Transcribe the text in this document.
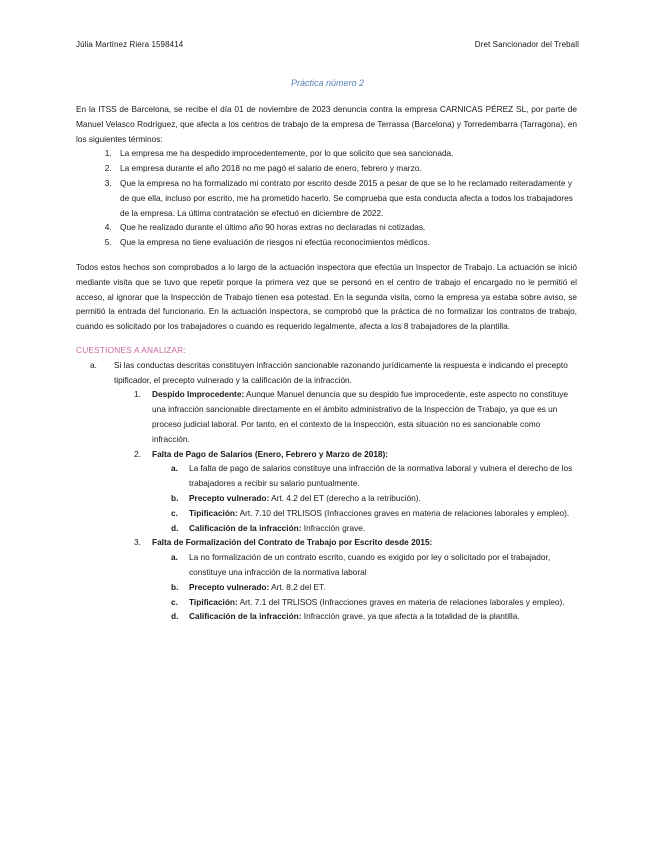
Júlia Martínez Riera 1598414	Dret Sancionador del Treball
Práctica número 2

En la ITSS de Barcelona, se recibe el día 01 de noviembre de 2023 denuncia contra la empresa CARNICAS PÉREZ SL, por parte de Manuel Velasco Rodríguez, que afecta a los centros de trabajo de la empresa de Terrassa (Barcelona) y Torredembarra (Tarragona), en los siguientes términos:

1. La empresa me ha despedido improcedentemente, por lo que solicito que sea sancionada.
2. La empresa durante el año 2018 no me pagó el salario de enero, febrero y marzo.
3. Que la empresa no ha formalizado mi contrato por escrito desde 2015 a pesar de que se lo he reclamado reiteradamente y de que ella, incluso por escrito, me ha prometido hacerlo. Se comprueba que esta conducta afecta a todos los trabajadores de la empresa. La última contratación se efectuó en diciembre de 2022.
4. Que he realizado durante el último año 90 horas extras no declaradas ni cotizadas.
5. Que la empresa no tiene evaluación de riesgos ni efectúa reconocimientos médicos.

Todos estos hechos son comprobados a lo largo de la actuación inspectora que efectúa un Inspector de Trabajo. La actuación se inició mediante visita que se tuvo que repetir porque la primera vez que se personó en el centro de trabajo el encargado no le permitió el acceso, al ignorar que la Inspección de Trabajo tienen esa potestad. En la segunda visita, como la empresa ya estaba sobre aviso, se permitió la entrada del funcionario. En la actuación inspectora, se comprobó que la práctica de no formalizar los contratos de trabajo, cuando es solicitado por los trabajadores o cuando es requerido legalmente, afecta a los 8 trabajadores de la plantilla.

CUESTIONES A ANALIZAR:
a.	Si las conductas descritas constituyen infracción sancionable razonando jurídicamente la respuesta e indicando el precepto tipificador, el precepto vulnerado y la calificación de la infracción.
1.	Despido Improcedente: Aunque Manuel denuncia que su despido fue improcedente, este aspecto no constituye una infracción sancionable directamente en el ámbito administrativo de la Inspección de Trabajo, ya que es un proceso judicial laboral. Por tanto, en el contexto de la Inspección, esta situación no es sancionable como infracción.
2.	Falta de Pago de Salarios (Enero, Febrero y Marzo de 2018):
a.	La falta de pago de salarios constituye una infracción de la normativa laboral y vulnera el derecho de los trabajadores a recibir su salario puntualmente.
b.	Precepto vulnerado: Art. 4.2 del ET (derecho a la retribución).
c.	Tipificación: Art. 7.10 del TRLISOS (Infracciones graves en materia de relaciones laborales y empleo).
d.	Calificación de la infracción: Infracción grave.
3.	Falta de Formalización del Contrato de Trabajo por Escrito desde 2015:
a.	La no formalización de un contrato escrito, cuando es exigido por ley o solicitado por el trabajador, constituye una infracción de la normativa laboral
b.	Precepto vulnerado: Art. 8.2 del ET.
c.	Tipificación: Art. 7.1 del TRLISOS (Infracciones graves en materia de relaciones laborales y empleo).
d.	Calificación de la infracción: Infracción grave, ya que afecta a la totalidad de la plantilla.
